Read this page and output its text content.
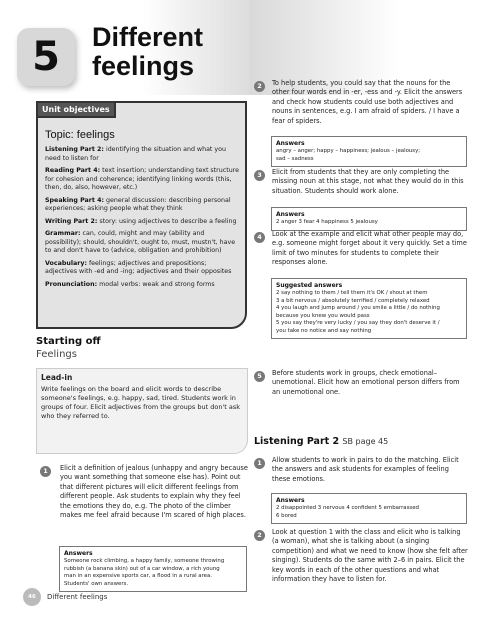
5	Different
feelings
Topic: feelings
Listening Part 2: identifying the situation and what you need to listen for
Reading Part 4: text insertion; understanding text structure for cohesion and coherence; identifying linking words (this, then, do, also, however, etc.)
Speaking Part 4: general discussion: describing personal experiences; asking people what they think
Writing Part 2: story: using adjectives to describe a feeling
Grammar: can, could, might and may (ability and possibility); should, shouldn't, ought to, must, mustn't, have to and don't have to (advice, obligation and prohibition)
Vocabulary: feelings; adjectives and prepositions; adjectives with -ed and -ing; adjectives and their opposites
Pronunciation: modal verbs: weak and strong forms
Unit objectives
Starting off
Feelings
Lead-in
Write feelings on the board and elicit words to describe someone's feelings, e.g. happy, sad, tired. Students work in groups of four. Elicit adjectives from the groups but don't ask who they referred to.
1	Elicit a definition of jealous (unhappy and angry because you want something that someone else has). Point out that different pictures will elicit different feelings from different people. Ask students to explain why they feel the emotions they do, e.g. The photo of the climber makes me feel afraid because I'm scared of high places.
Answers
Someone rock climbing, a happy family, someone throwing
rubbish (a banana skin) out of a car window, a rich young
man in an expensive sports car, a flood in a rural area.
Students' own answers.
2	To help students, you could say that the nouns for the other four words end in -er, -ess and -y. Elicit the answers and check how students could use both adjectives and nouns in sentences, e.g. I am afraid of spiders. / I have a fear of spiders.
Answers
angry – anger; happy – happiness; jealous – jealousy;
sad – sadness
3	Elicit from students that they are only completing the missing noun at this stage, not what they would do in this situation. Students should work alone.
Answers
2 anger 3 fear 4 happiness 5 jealousy
4	Look at the example and elicit what other people may do, e.g. someone might forget about it very quickly. Set a time limit of two minutes for students to complete their responses alone.
Suggested answers
2 say nothing to them / tell them it's OK / shout at them
3 a bit nervous / absolutely terrified / completely relaxed
4 you laugh and jump around / you smile a little / do nothing
because you knew you would pass
5 you say they're very lucky / you say they don't deserve it /
you take no notice and say nothing
5	Before students work in groups, check emotional–unemotional. Elicit how an emotional person differs from an unemotional one.
Listening Part 2 SB page 45
1	Allow students to work in pairs to do the matching. Elicit the answers and ask students for examples of feeling these emotions.
Answers
2 disappointed 3 nervous 4 confident 5 embarrassed
6 bored
2	Look at question 1 with the class and elicit who is talking (a woman), what she is talking about (a singing competition) and what we need to know (how she felt after singing). Students do the same with 2–6 in pairs. Elicit the key words in each of the other questions and what information they have to listen for.
46	Different feelings
